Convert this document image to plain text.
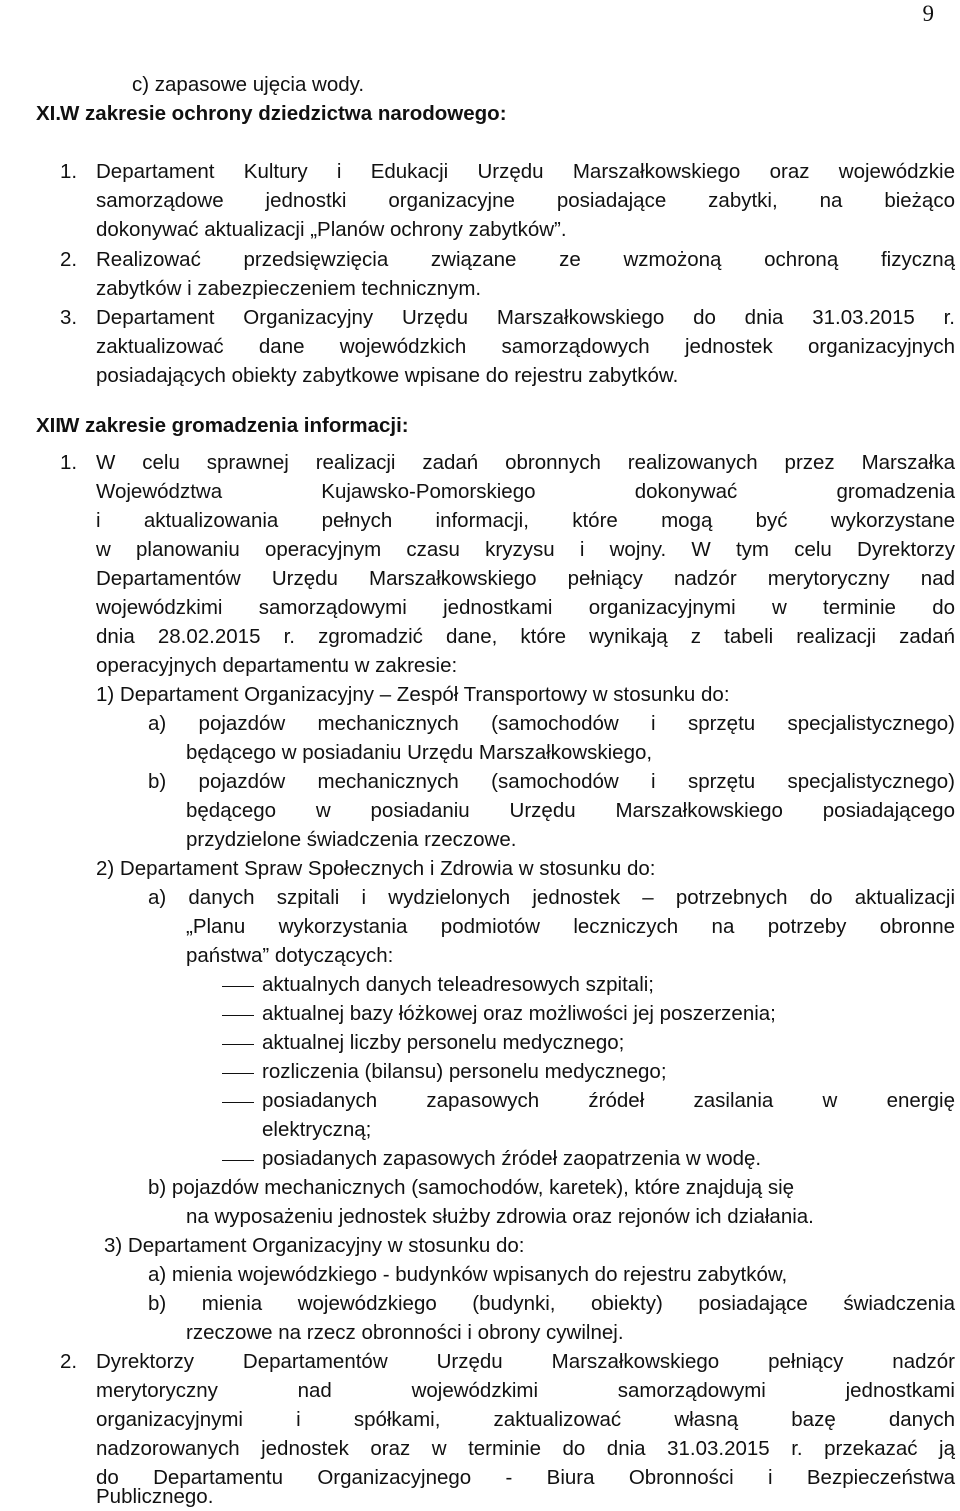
9
c) zapasowe ujęcia wody.
XI.
W zakresie ochrony dziedzictwa narodowego:
1. Departament Kultury i Edukacji Urzędu Marszałkowskiego oraz wojewódzkie
samorządowe jednostki organizacyjne posiadające zabytki, na bieżąco
dokonywać aktualizacji „Planów ochrony zabytków”.
2. Realizować przedsięwzięcia związane ze wzmożoną ochroną fizyczną
zabytków i zabezpieczeniem technicznym.
3. Departament Organizacyjny Urzędu Marszałkowskiego do dnia 31.03.2015 r.
zaktualizować dane wojewódzkich samorządowych jednostek organizacyjnych
posiadających obiekty zabytkowe wpisane do rejestru zabytków.
XII.
W zakresie gromadzenia informacji:
1. W celu sprawnej realizacji zadań obronnych realizowanych przez Marszałka
Województwa Kujawsko-Pomorskiego dokonywać gromadzenia
i aktualizowania pełnych informacji, które mogą być wykorzystane
w planowaniu operacyjnym czasu kryzysu i wojny. W tym celu Dyrektorzy
Departamentów Urzędu Marszałkowskiego pełniący nadzór merytoryczny nad
wojewódzkimi samorządowymi jednostkami organizacyjnymi w terminie do
dnia 28.02.2015 r. zgromadzić dane, które wynikają z tabeli realizacji zadań
operacyjnych departamentu w zakresie:
1) Departament Organizacyjny – Zespół Transportowy w stosunku do:
a) pojazdów mechanicznych (samochodów i sprzętu specjalistycznego)
będącego w posiadaniu Urzędu Marszałkowskiego,
b) pojazdów mechanicznych (samochodów i sprzętu specjalistycznego)
będącego w posiadaniu Urzędu Marszałkowskiego posiadającego
przydzielone świadczenia rzeczowe.
2) Departament Spraw Społecznych i Zdrowia w stosunku do:
a) danych szpitali i wydzielonych jednostek – potrzebnych do aktualizacji
„Planu wykorzystania podmiotów leczniczych na potrzeby obronne
państwa” dotyczących:
aktualnych danych teleadresowych szpitali;
aktualnej bazy łóżkowej oraz możliwości jej poszerzenia;
aktualnej liczby personelu medycznego;
rozliczenia (bilansu) personelu medycznego;
posiadanych zapasowych źródeł zasilania w energię
elektryczną;
posiadanych zapasowych źródeł zaopatrzenia w wodę.
b) pojazdów mechanicznych (samochodów, karetek), które znajdują się
na wyposażeniu jednostek służby zdrowia oraz rejonów ich działania.
3) Departament Organizacyjny w stosunku do:
a) mienia wojewódzkiego - budynków wpisanych do rejestru zabytków,
b) mienia wojewódzkiego (budynki, obiekty) posiadające świadczenia
rzeczowe na rzecz obronności i obrony cywilnej.
2. Dyrektorzy Departamentów Urzędu Marszałkowskiego pełniący nadzór
merytoryczny nad wojewódzkimi samorządowymi jednostkami
organizacyjnymi i spółkami, zaktualizować własną bazę danych
nadzorowanych jednostek oraz w terminie do dnia 31.03.2015 r. przekazać ją
do Departamentu Organizacyjnego - Biura Obronności i Bezpieczeństwa
Publicznego.
